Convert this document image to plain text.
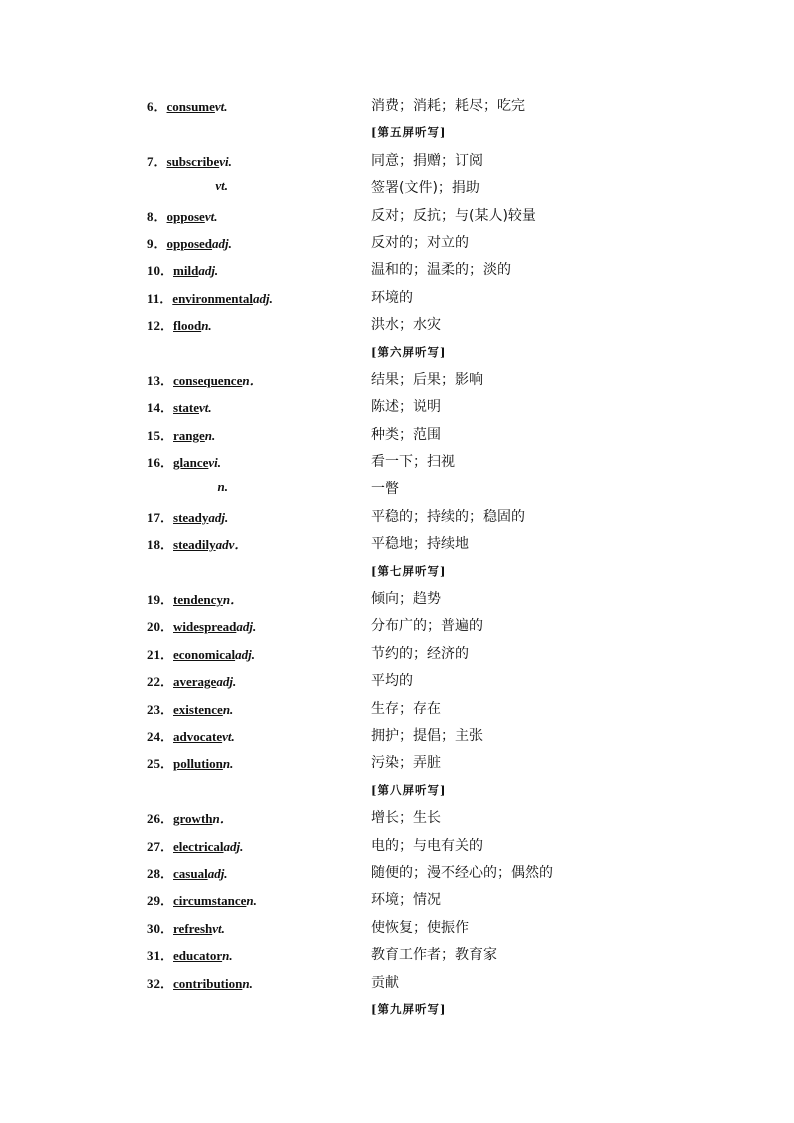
6．consumevt.	消费；消耗；耗尽；吃完
[第五屏听写]
7．subscribevi.	同意；捐赠；订阅
vt.	签署(文件)；捐助
8．opposevt.	反对；反抗；与(某人)较量
9．opposedadj.	反对的；对立的
10．mildadj.	温和的；温柔的；淡的
11．environmentaladj.	环境的
12．floodn.	洪水；水灾
[第六屏听写]
13．consequencen．	结果；后果；影响
14．statevt.	陈述；说明
15．rangen.	种类；范围
16．glancevi.	看一下；扫视
n.	一瞥
17．steadyadj.	平稳的；持续的；稳固的
18．steadilyadv．	平稳地；持续地
[第七屏听写]
19．tendencyn．	倾向；趋势
20．widespreadadj.	分布广的；普遍的
21．economicaladj.	节约的；经济的
22．averageadj.	平均的
23．existencen.	生存；存在
24．advocatevt.	拥护；提倡；主张
25．pollutionn.	污染；弄脏
[第八屏听写]
26．growthn．	增长；生长
27．electricaladj.	电的；与电有关的
28．casualadj.	随便的；漫不经心的；偶然的
29．circumstancen.	环境；情况
30．refreshvt.	使恢复；使振作
31．educatorn.	教育工作者；教育家
32．contributionn.	贡献
[第九屏听写]
